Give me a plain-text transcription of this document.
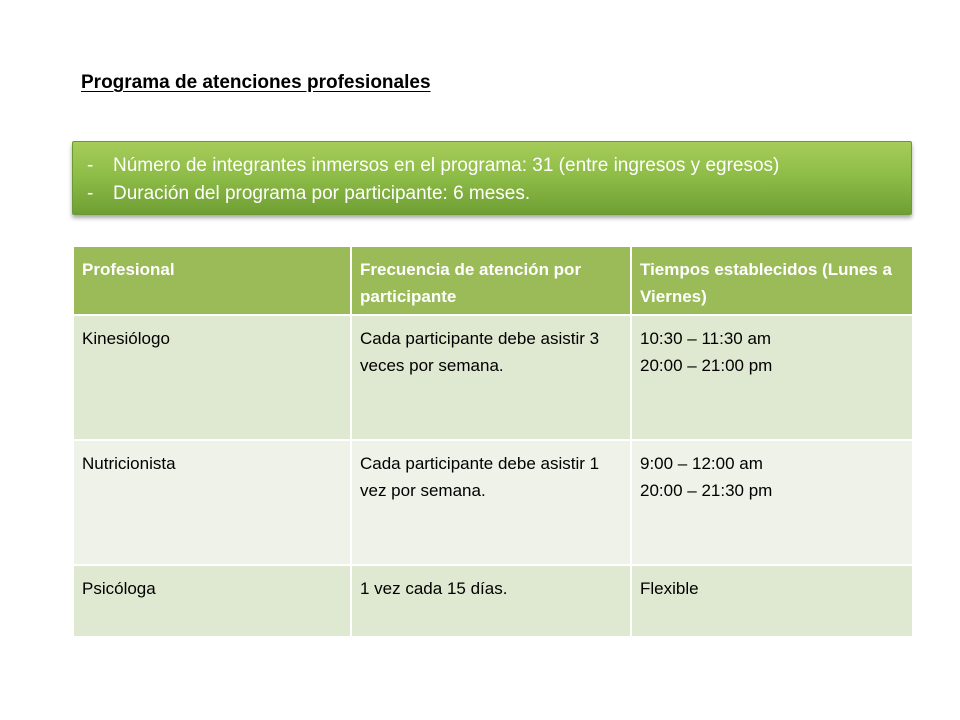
Programa de atenciones profesionales
-	Número de integrantes inmersos en el programa: 31 (entre ingresos y egresos)
-	Duración del programa por participante: 6 meses.
Profesional	Frecuencia de atención por participante	Tiempos establecidos (Lunes a Viernes)
Kinesiólogo	Cada participante debe asistir 3 veces por semana.	10:30 – 11:30 am
20:00 – 21:00 pm

Nutricionista	Cada participante debe asistir 1 vez por semana.	9:00 – 12:00 am
20:00 – 21:30 pm

Psicóloga	1 vez cada 15 días.	Flexible
